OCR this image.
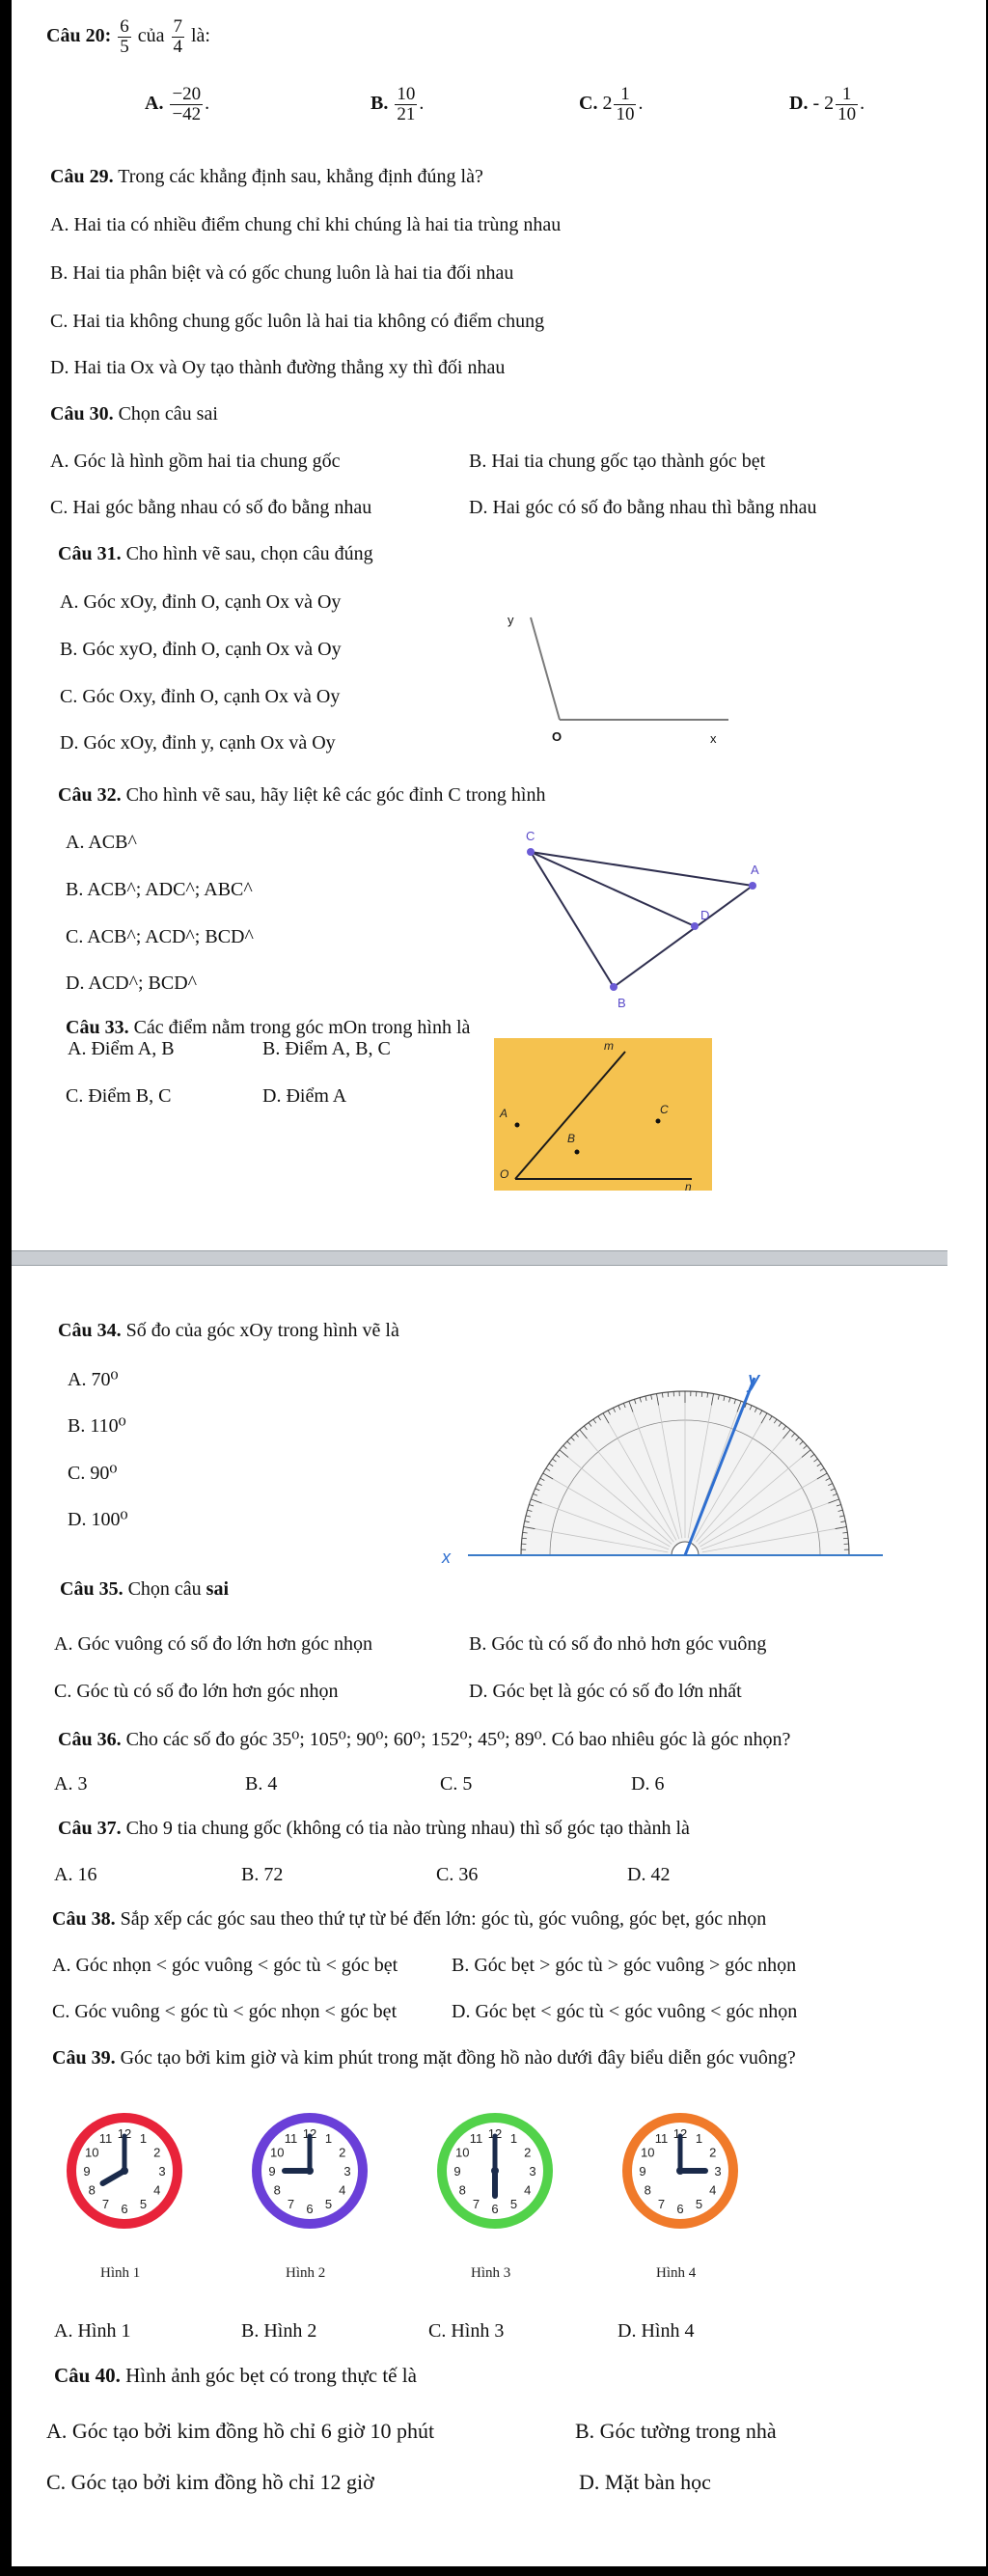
Câu 20: $\frac{6}{5}$ của $\frac{7}{4}$ là:
A. $\frac{-20}{-42}$ .	B. $\frac{10}{21}$ .	C. $2 \frac{1}{10}$ .	D. - $2 \frac{1}{10}$ .
Câu 29. Trong các khẳng định sau, khẳng định đúng là?
A. Hai tia có nhiều điểm chung chỉ khi chúng là hai tia trùng nhau
B. Hai tia phân biệt và có gốc chung luôn là hai tia đối nhau
C. Hai tia không chung gốc luôn là hai tia không có điểm chung
D. Hai tia Ox và Oy tạo thành đường thẳng xy thì đối nhau
Câu 30. Chọn câu sai
A. Góc là hình gồm hai tia chung gốc	B. Hai tia chung gốc tạo thành góc bẹt
C. Hai góc bằng nhau có số đo bằng nhau	D. Hai góc có số đo bằng nhau thì bằng nhau
Câu 31. Cho hình vẽ sau, chọn câu đúng
A. Góc xOy, đỉnh O, cạnh Ox và Oy
B. Góc xyO, đỉnh O, cạnh Ox và Oy
C. Góc Oxy, đỉnh O, cạnh Ox và Oy
D. Góc xOy, đỉnh y, cạnh Ox và Oy
y
O	x
Câu 32. Cho hình vẽ sau, hãy liệt kê các góc đỉnh C trong hình
A. ACB^
B. ACB^; ADC^; ABC^
C. ACB^; ACD^; BCD^
D. ACD^; BCD^
C
A
D
B
Câu 33. Các điểm nằm trong góc mOn trong hình là
A. Điểm A, B	B. Điểm A, B, C
C. Điểm B, C	D. Điểm A
m
A
B
C
O
n
Câu 34. Số đo của góc xOy trong hình vẽ là
A. 70⁰
B. 110⁰
C. 90⁰
D. 100⁰
x
y
Câu 35. Chọn câu sai
A. Góc vuông có số đo lớn hơn góc nhọn	B. Góc tù có số đo nhỏ hơn góc vuông
C. Góc tù có số đo lớn hơn góc nhọn	D. Góc bẹt là góc có số đo lớn nhất
Câu 36. Cho các số đo góc 35⁰; 105⁰; 90⁰; 60⁰; 152⁰; 45⁰; 89⁰. Có bao nhiêu góc là góc nhọn?
A. 3	B. 4	C. 5	D. 6
Câu 37. Cho 9 tia chung gốc (không có tia nào trùng nhau) thì số góc tạo thành là
A. 16	B. 72	C. 36	D. 42
Câu 38. Sắp xếp các góc sau theo thứ tự từ bé đến lớn: góc tù, góc vuông, góc bẹt, góc nhọn
A. Góc nhọn < góc vuông < góc tù < góc bẹt	B. Góc bẹt > góc tù > góc vuông > góc nhọn
C. Góc vuông < góc tù < góc nhọn < góc bẹt	D. Góc bẹt < góc tù < góc vuông < góc nhọn
Câu 39. Góc tạo bởi kim giờ và kim phút trong mặt đồng hồ nào dưới đây biểu diễn góc vuông?
1
2
3
4
5
6
7
8
9
10
11 12	1
2
3
4
5
6
7
8
9
10
11 12	1
2
3
4
5
6
7
8
9
10
11 12	1
2
3
4
5
6
7
8
9
10
11 12
Hình 1	Hình 2	Hình 3	Hình 4
A. Hình 1	B. Hình 2	C. Hình 3	D. Hình 4
Câu 40. Hình ảnh góc bẹt có trong thực tế là
A. Góc tạo bởi kim đồng hồ chỉ 6 giờ 10 phút	B. Góc tường trong nhà
C. Góc tạo bởi kim đồng hồ chỉ 12 giờ	D. Mặt bàn học
